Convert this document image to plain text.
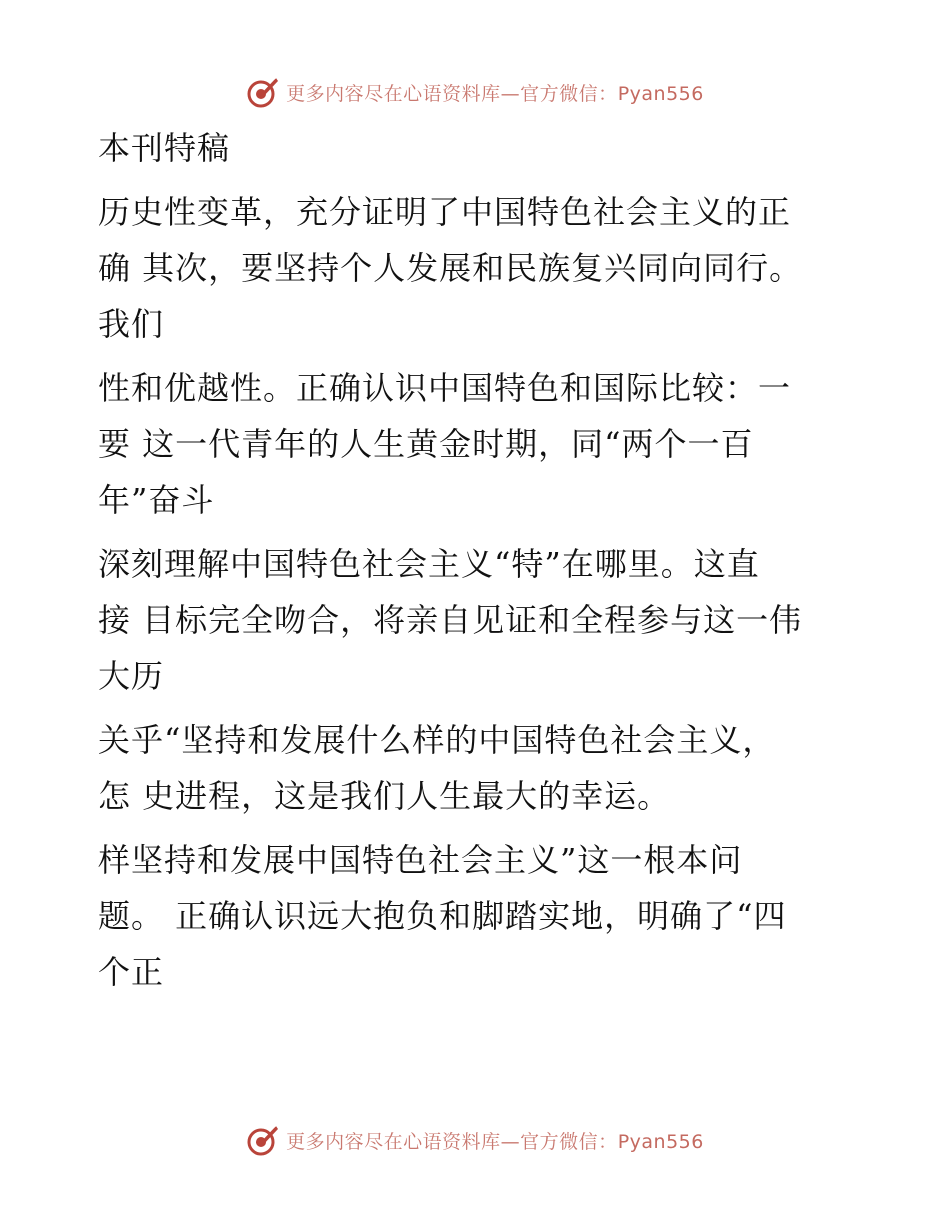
更多内容尽在心语资料库—官方微信：Pyan556
本刊特稿
历史性变革，充分证明了中国特色社会主义的正
确 其次，要坚持个人发展和民族复兴同向同行。
我们
性和优越性。正确认识中国特色和国际比较：一
要 这一代青年的人生黄金时期，同“两个一百
年”奋斗
深刻理解中国特色社会主义“特”在哪里。这直
接 目标完全吻合，将亲自见证和全程参与这一伟
大历
关乎“坚持和发展什么样的中国特色社会主义，
怎 史进程，这是我们人生最大的幸运。
样坚持和发展中国特色社会主义”这一根本问
题。 正确认识远大抱负和脚踏实地，明确了“四
个正
更多内容尽在心语资料库—官方微信：Pyan556
